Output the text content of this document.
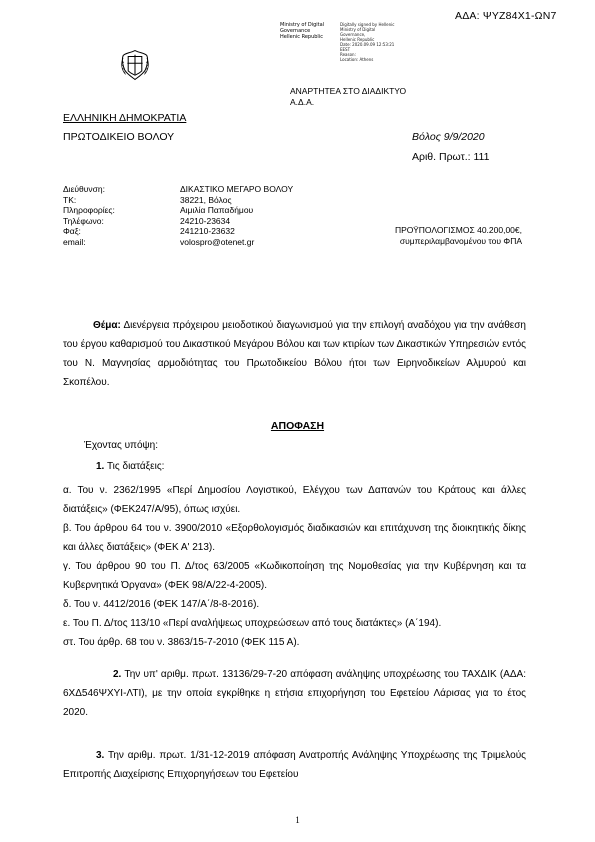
ΑΔΑ: ΨΥΖ84Χ1-ΩΝ7
Ministry of Digital
Governance
Hellenic Republic
Digitally signed by Hellenic
Ministry of Digital
Governance,
Hellenic Republic
Date: 2020.09.09 12:53:21
EEST
Reason:
Location: Athens
ΑΝΑΡΤΗΤΕΑ ΣΤΟ ΔΙΑΔΙΚΤΥΟ
Α.Δ.Α.
ΕΛΛΗΝΙΚΗ ΔΗΜΟΚΡΑΤΙΑ
ΠΡΩΤΟΔΙΚΕΙΟ ΒΟΛΟΥ	Βόλος 9/9/2020
Αριθ. Πρωτ.: 111
Διεύθυνση:
ΤΚ:
Πληροφορίες:
Τηλέφωνο:
Φαξ:
email:
ΔΙΚΑΣΤΙΚΟ ΜΕΓΑΡΟ ΒΟΛΟΥ
38221, Βόλος
Αιμιλία Παπαδήμου
24210-23634
241210-23632
volospro@otenet.gr
ΠΡΟΫΠΟΛΟΓΙΣΜΟΣ 40.200,00€,
συμπεριλαμβανομένου του ΦΠΑ
Θέμα: Διενέργεια πρόχειρου μειοδοτικού διαγωνισμού για την επιλογή αναδόχου για την ανάθεση του έργου καθαρισμού του Δικαστικού Μεγάρου Βόλου και των κτιρίων των Δικαστικών Υπηρεσιών εντός του Ν. Μαγνησίας αρμοδιότητας του Πρωτοδικείου Βόλου ήτοι των Ειρηνοδικείων Αλμυρού και Σκοπέλου.
ΑΠΟΦΑΣΗ
Έχοντας υπόψη:
1. Τις διατάξεις:

α. Του ν. 2362/1995 «Περί Δημοσίου Λογιστικού, Ελέγχου των Δαπανών του Κράτους και άλλες διατάξεις» (ΦΕΚ247/Α/95), όπως ισχύει.

β. Του άρθρου 64 του ν. 3900/2010 «Εξορθολογισμός διαδικασιών και επιτάχυνση της διοικητικής δίκης και άλλες διατάξεις» (ΦΕΚ Α' 213).

γ. Του άρθρου 90 του Π. Δ/τος 63/2005 «Κωδικοποίηση της Νομοθεσίας για την Κυβέρνηση και τα Κυβερνητικά Όργανα» (ΦΕΚ 98/Α/22-4-2005).

δ. Του ν. 4412/2016 (ΦΕΚ 147/Α΄/8-8-2016).

ε. Του Π. Δ/τος 113/10 «Περί αναλήψεως υποχρεώσεων από τους διατάκτες» (Α΄194).

στ. Του άρθρ. 68 του ν. 3863/15-7-2010 (ΦΕΚ 115 Α).

2. Την υπ' αριθμ. πρωτ. 13136/29-7-20 απόφαση ανάληψης υποχρέωσης του ΤΑΧΔΙΚ (ΑΔΑ: 6ΧΔ546ΨΧΥΙ-ΛΤΙ), με την οποία εγκρίθηκε η ετήσια επιχορήγηση του Εφετείου Λάρισας για το έτος 2020.
3. Την αριθμ. πρωτ. 1/31-12-2019 απόφαση Ανατροπής Ανάληψης Υποχρέωσης της Τριμελούς Επιτροπής Διαχείρισης Επιχορηγήσεων του Εφετείου
1
